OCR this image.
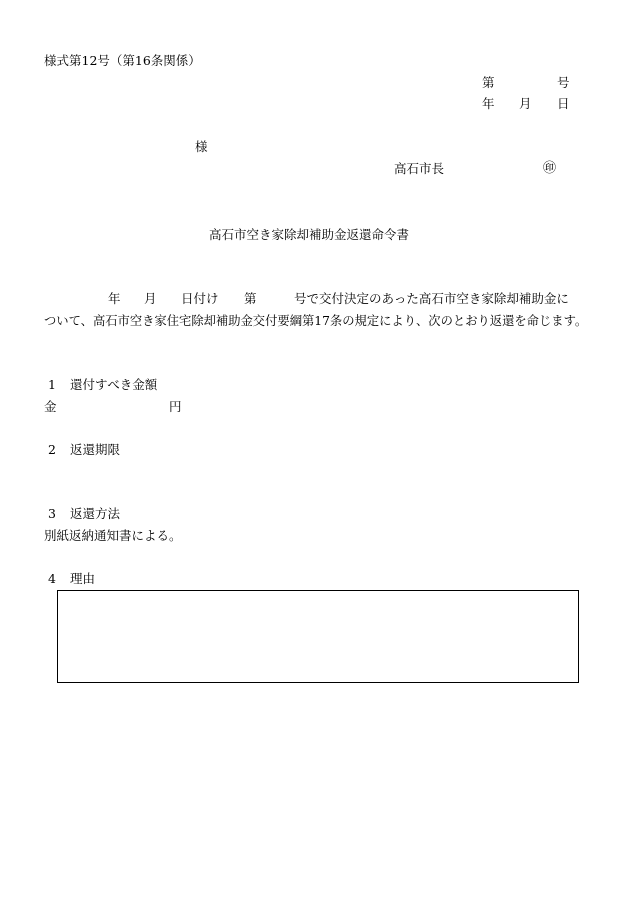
様式第12号（第16条関係）
第	号
年 月 日
様
高石市長	㊞
高石市空き家除却補助金返還命令書
年 月 日付け 第	号で交付決定のあった高石市空き家除却補助金に
ついて、高石市空き家住宅除却補助金交付要綱第17条の規定により、次のとおり返還を命じます。
1 還付すべき金額
金	円
2 返還期限
3 返還方法
別紙返納通知書による。
4 理由
